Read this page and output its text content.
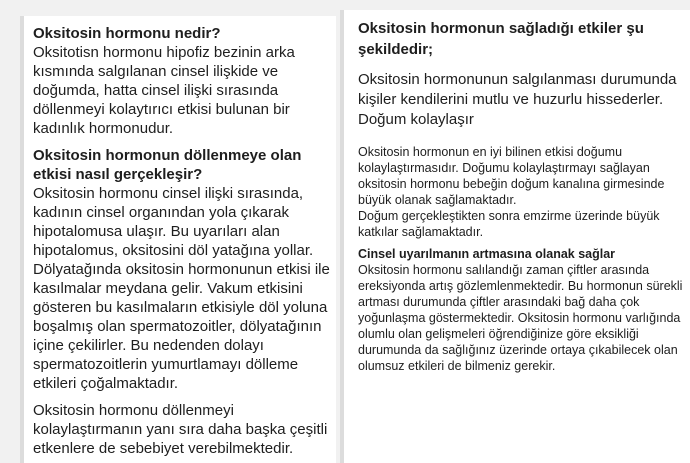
Oksitosin hormonu nedir?

Oksitotisn hormonu hipofiz bezinin arka kısmında salgılanan cinsel ilişkide ve doğumda, hatta cinsel ilişki sırasında döllenmeyi kolaytırıcı etkisi bulunan bir kadınlık hormonudur.

Oksitosin hormonun döllenmeye olan etkisi nasıl gerçekleşir?

Oksitosin hormonu cinsel ilişki sırasında, kadının cinsel organından yola çıkarak hipotalomusa ulaşır. Bu uyarıları alan hipotalomus, oksitosini döl yatağına yollar. Dölyatağında oksitosin hormonunun etkisi ile kasılmalar meydana gelir. Vakum etkisini gösteren bu kasılmaların etkisiyle döl yoluna boşalmış olan spermatozoitler, dölyatağının içine çekilirler. Bu nedenden dolayı spermatozoitlerin yumurtlamayı dölleme etkileri çoğalmaktadır.

Oksitosin hormonu döllenmeyi kolaylaştırmanın yanı sıra daha başka çeşitli etkenlere de sebebiyet verebilmektedir.

Oksitosin hormonun sağladığı etkiler şu şekildedir;

Oksitosin hormonunun salgılanması durumunda kişiler kendilerini mutlu ve huzurlu hissederler.
Doğum kolaylaşır

Oksitosin hormonun en iyi bilinen etkisi doğumu kolaylaştırmasıdır. Doğumu kolaylaştırmayı sağlayan oksitosin hormonu bebeğin doğum kanalına girmesinde büyük olanak sağlamaktadır.

Doğum gerçekleştikten sonra emzirme üzerinde büyük katkılar sağlamaktadır.

Cinsel uyarılmanın artmasına olanak sağlar

Oksitosin hormonu salılandığı zaman çiftler arasında ereksiyonda artış gözlemlenmektedir. Bu hormonun sürekli artması durumunda çiftler arasındaki bağ daha çok yoğunlaşma göstermektedir. Oksitosin hormonu varlığında olumlu olan gelişmeleri öğrendiğinize göre eksikliği durumunda da sağlığınız üzerinde ortaya çıkabilecek olan olumsuz etkileri de bilmeniz gerekir.
